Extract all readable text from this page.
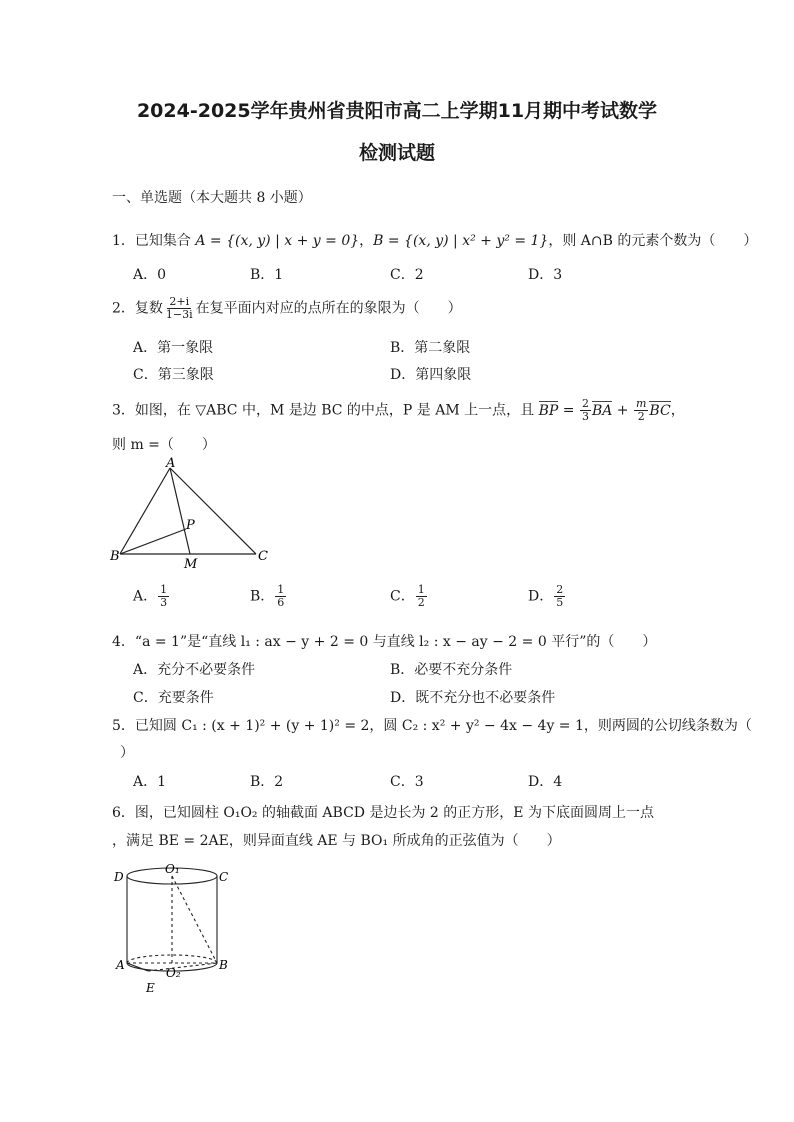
2024-2025学年贵州省贵阳市高二上学期11月期中考试数学
检测试题
一、单选题（本大题共 8 小题）
1．已知集合 A = {(x, y) | x + y = 0}，B = {(x, y) | x² + y² = 1}，则 A∩B 的元素个数为（　　）
A．0	B．1	C．2	D．3
2．复数 $\frac{2+i}{1-3i}$ 在复平面内对应的点所在的象限为（　　）
A．第一象限	B．第二象限
C．第三象限	D．第四象限
3．如图，在 ▽ABC 中，M 是边 BC 的中点，P 是 AM 上一点，且 BP = $\frac{2}{3}$ BA + $\frac{m}{2}$ BC，
则 m =（　　）
A
B	C
M
P
A． $\frac{1}{3}$	B． $\frac{1}{6}$	C． $\frac{1}{2}$	D． $\frac{2}{5}$
4．“a = 1”是“直线 l₁ : ax − y + 2 = 0 与直线 l₂ : x − ay − 2 = 0 平行”的（　　）
A．充分不必要条件	B．必要不充分条件
C．充要条件	D．既不充分也不必要条件
5．已知圆 C₁ : (x + 1)² + (y + 1)² = 2，圆 C₂ : x² + y² − 4x − 4y = 1，则两圆的公切线条数为（
）
A．1	B．2	C．3	D．4
6．图，已知圆柱 O₁O₂ 的轴截面 ABCD 是边长为 2 的正方形，E 为下底面圆周上一点
，满足 BE = 2AE，则异面直线 AE 与 BO₁ 所成角的正弦值为（　　）
D	C
O₁
A	B
O₂
E
